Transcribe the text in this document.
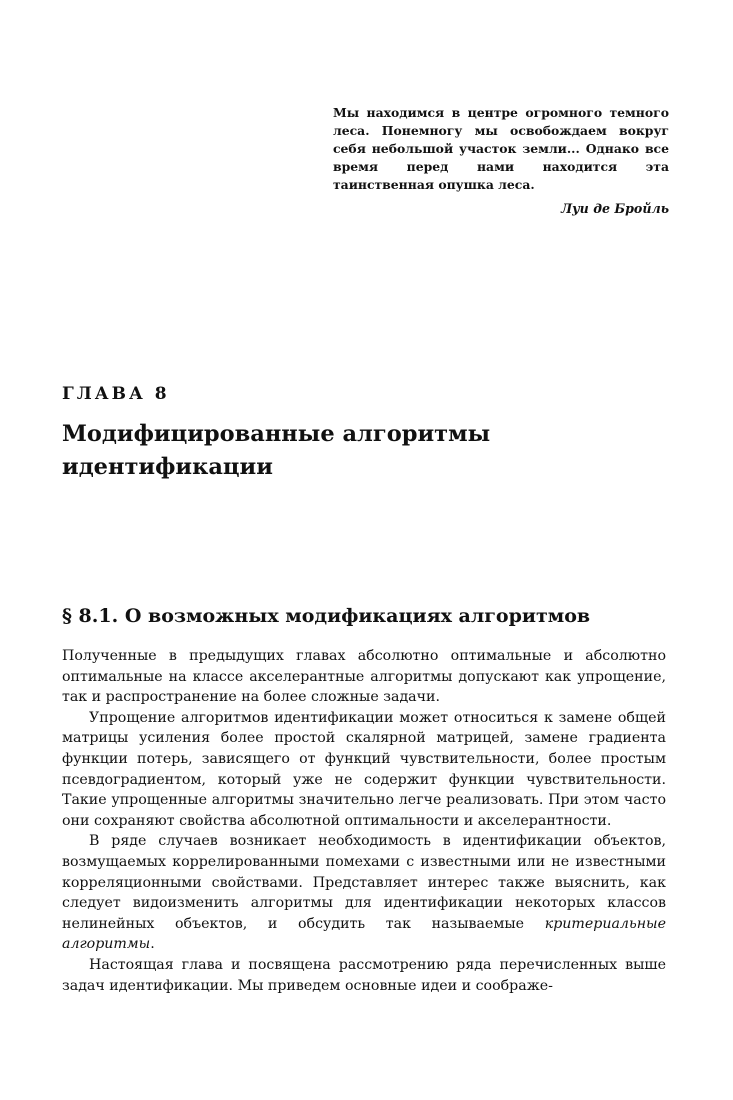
Мы находимся в центре огромного темного леса. Понемногу мы освобождаем вокруг себя небольшой участок земли... Однако все время перед нами находится эта таинственная опушка леса.

Луи де Бройль

ГЛАВА 8
Модифицированные алгоритмы идентификации
§ 8.1. О возможных модификациях алгоритмов

Полученные в предыдущих главах абсолютно оптимальные и абсолютно оптимальные на классе акселерантные алгоритмы допускают как упрощение, так и распространение на более сложные задачи.

Упрощение алгоритмов идентификации может относиться к замене общей матрицы усиления более простой скалярной матрицей, замене градиента функции потерь, зависящего от функций чувствительности, более простым псевдоградиентом, который уже не содержит функции чувствительности. Такие упрощенные алгоритмы значительно легче реализовать. При этом часто они сохраняют свойства абсолютной оптимальности и акселерантности.

В ряде случаев возникает необходимость в идентификации объектов, возмущаемых коррелированными помехами с известными или не известными корреляционными свойствами. Представляет интерес также выяснить, как следует видоизменить алгоритмы для идентификации некоторых классов нелинейных объектов, и обсудить так называемые критериальные алгоритмы.

Настоящая глава и посвящена рассмотрению ряда перечисленных выше задач идентификации. Мы приведем основные идеи и соображе-
